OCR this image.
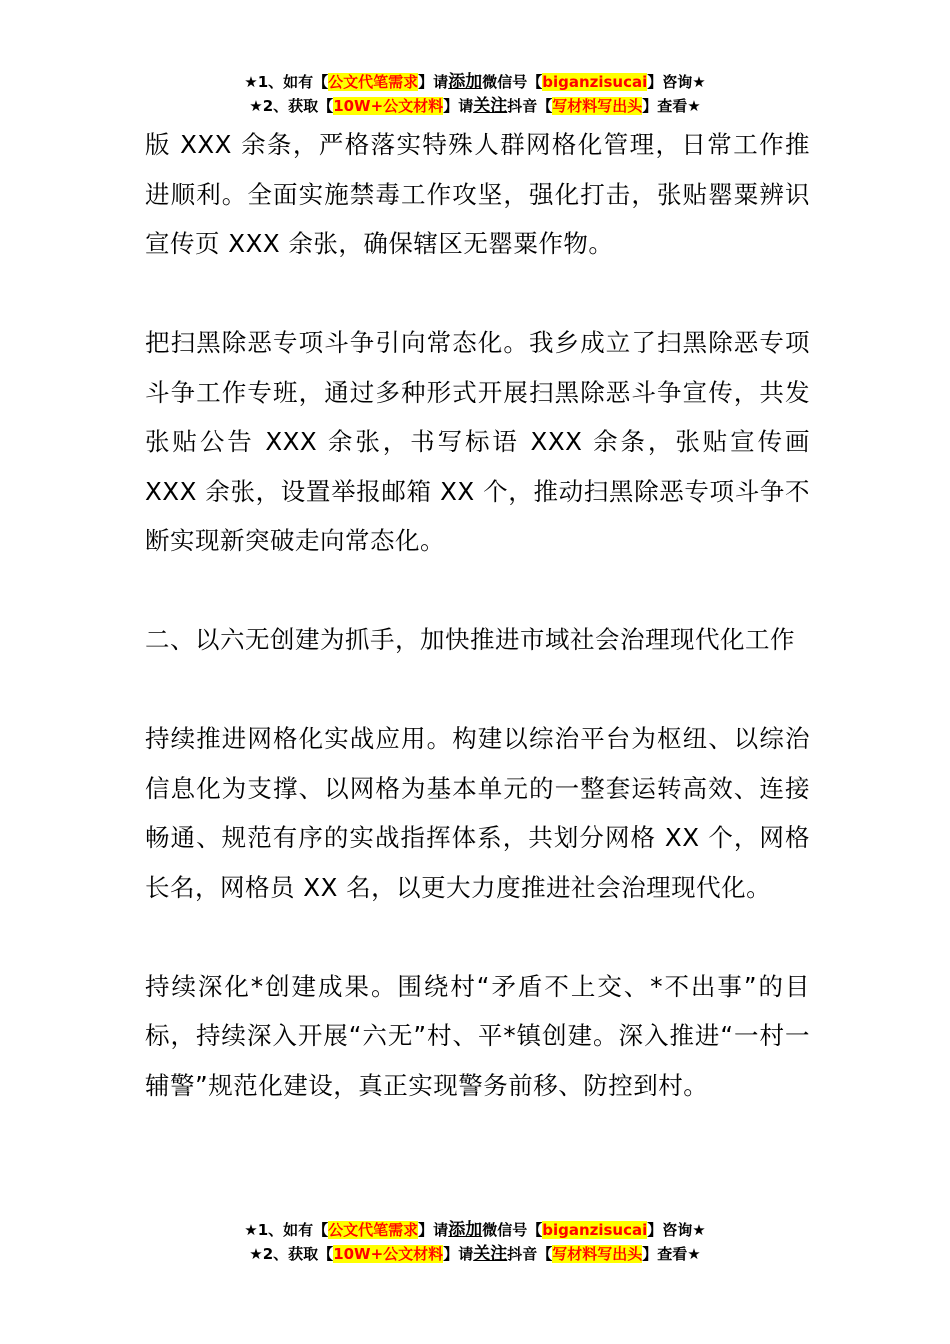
★1、如有【公文代笔需求】请添加微信号【biganzisucai】咨询★
★2、获取【10W+公文材料】请关注抖音【写材料写出头】查看★

版 XXX 余条，严格落实特殊人群网格化管理，日常工作推进顺利。全面实施禁毒工作攻坚，强化打击，张贴罂粟辨识宣传页 XXX 余张，确保辖区无罂粟作物。

把扫黑除恶专项斗争引向常态化。我乡成立了扫黑除恶专项斗争工作专班，通过多种形式开展扫黑除恶斗争宣传，共发张贴公告 XXX 余张，书写标语 XXX 余条，张贴宣传画 XXX 余张，设置举报邮箱 XX 个，推动扫黑除恶专项斗争不断实现新突破走向常态化。

二、以六无创建为抓手，加快推进市域社会治理现代化工作

持续推进网格化实战应用。构建以综治平台为枢纽、以综治信息化为支撑、以网格为基本单元的一整套运转高效、连接畅通、规范有序的实战指挥体系，共划分网格 XX 个，网格长名，网格员 XX 名，以更大力度推进社会治理现代化。

持续深化*创建成果。围绕村“矛盾不上交、*不出事”的目标，持续深入开展“六无”村、平*镇创建。深入推进“一村一辅警”规范化建设，真正实现警务前移、防控到村。

★1、如有【公文代笔需求】请添加微信号【biganzisucai】咨询★
★2、获取【10W+公文材料】请关注抖音【写材料写出头】查看★
